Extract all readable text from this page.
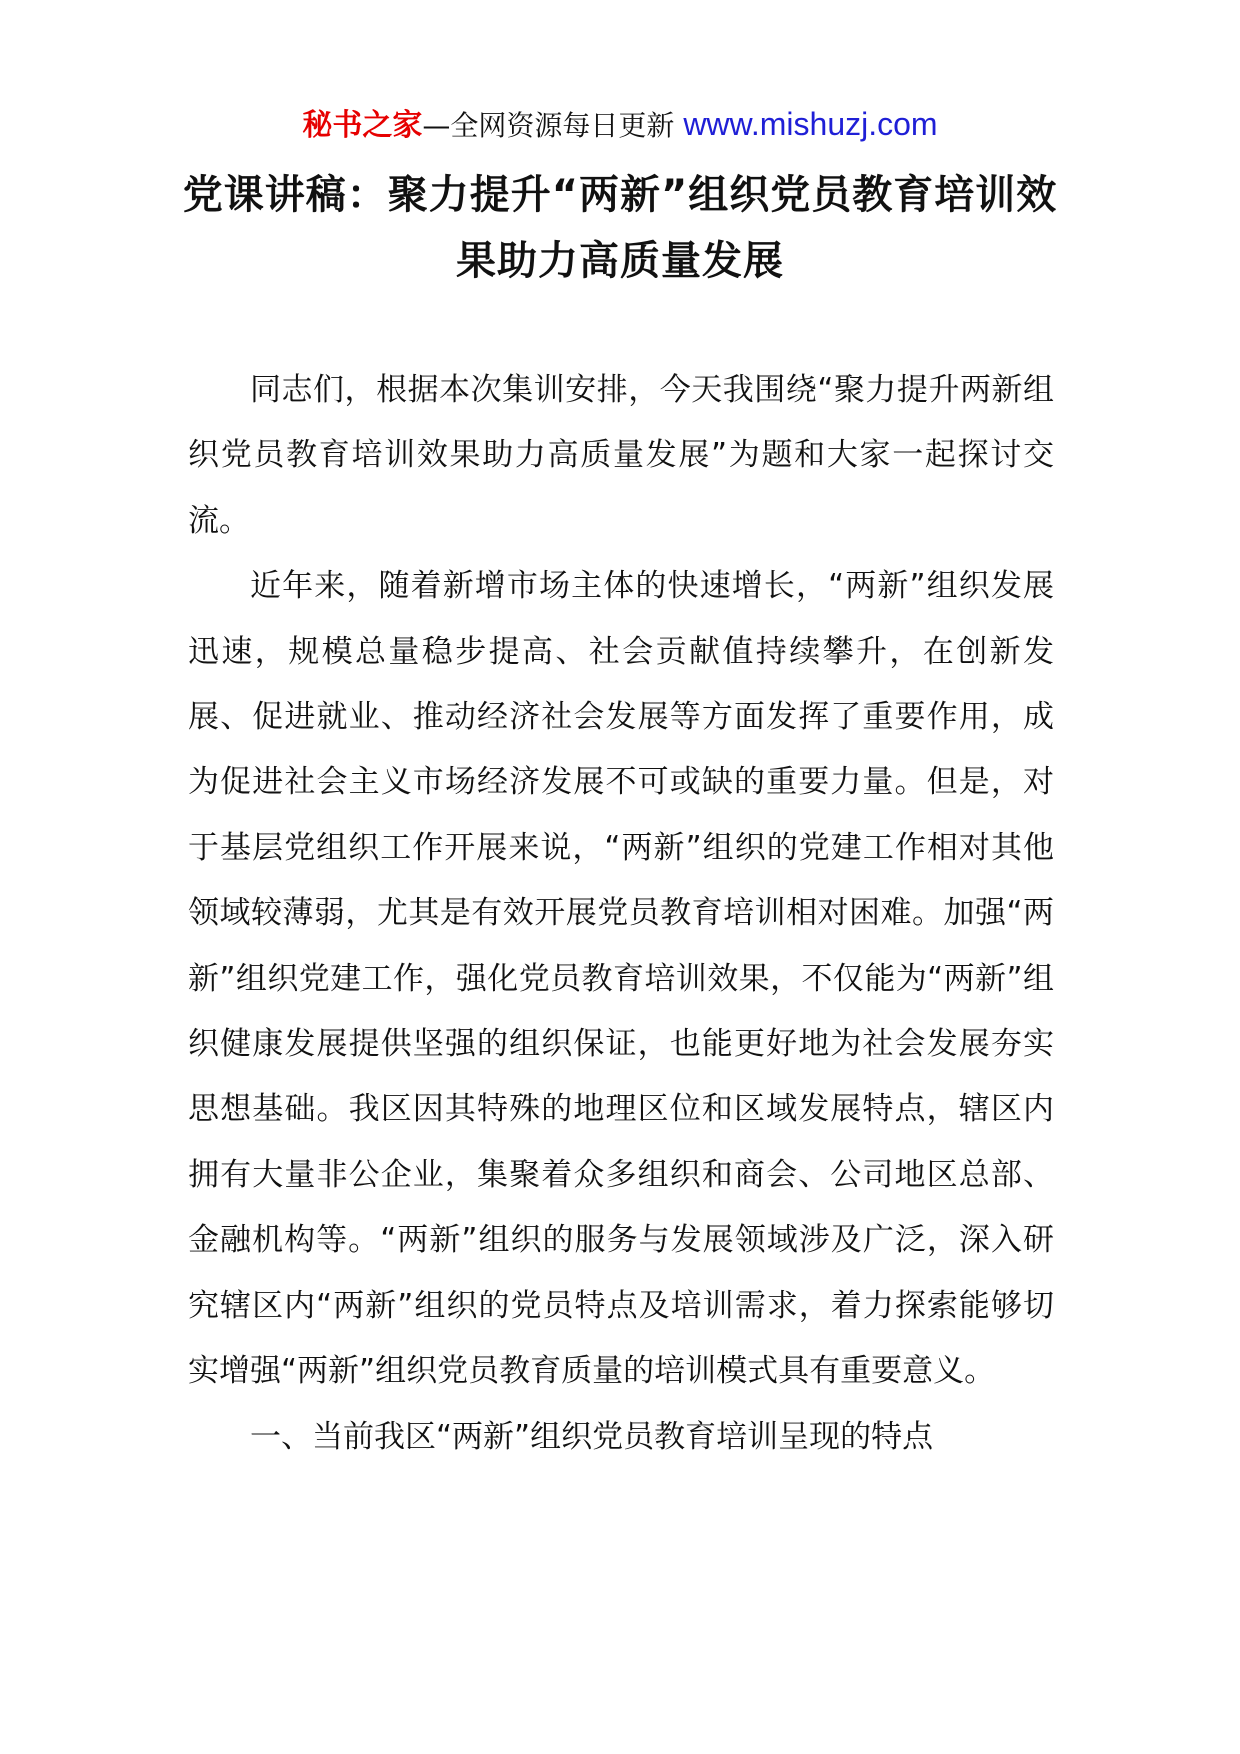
秘书之家—全网资源每日更新 www.mishuzj.com
党课讲稿：聚力提升“两新”组织党员教育培训效果助力高质量发展

同志们，根据本次集训安排，今天我围绕“聚力提升两新组织党员教育培训效果助力高质量发展”为题和大家一起探讨交流。

近年来，随着新增市场主体的快速增长，“两新”组织发展迅速，规模总量稳步提高、社会贡献值持续攀升，在创新发展、促进就业、推动经济社会发展等方面发挥了重要作用，成为促进社会主义市场经济发展不可或缺的重要力量。但是，对于基层党组织工作开展来说，“两新”组织的党建工作相对其他领域较薄弱，尤其是有效开展党员教育培训相对困难。加强“两新”组织党建工作，强化党员教育培训效果，不仅能为“两新”组织健康发展提供坚强的组织保证，也能更好地为社会发展夯实思想基础。我区因其特殊的地理区位和区域发展特点，辖区内拥有大量非公企业，集聚着众多组织和商会、公司地区总部、金融机构等。“两新”组织的服务与发展领域涉及广泛，深入研究辖区内“两新”组织的党员特点及培训需求，着力探索能够切实增强“两新”组织党员教育质量的培训模式具有重要意义。

一、当前我区“两新”组织党员教育培训呈现的特点
